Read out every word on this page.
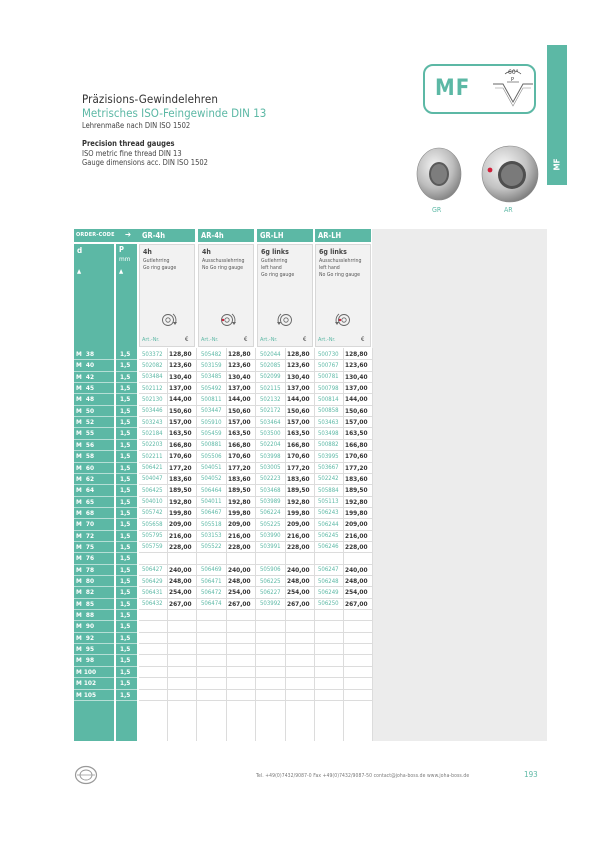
MF
Präzisions-Gewindelehren
Metrisches ISO-Feingewinde DIN 13
Lehrenmaße nach DIN ISO 1502
Precision thread gauges
ISO metric fine thread DIN 13
Gauge dimensions acc. DIN ISO 1502
MF
60°
P
GR	AR
ORDER-CODE ➔
d	P
mm
▲	▲
GR-4h
4h
Gutlehrring
Go ring gauge
Art.-Nr.	€
AR-4h
4h
Ausschusslehrring
No Go ring gauge
Art.-Nr.	€
GR-LH
6g links
Gutlehrring
left hand
Go ring gauge
Art.-Nr.	€
AR-LH
6g links
Ausschusslehrring
left hand
No Go ring gauge
Art.-Nr.	€
M  38	1,5 503372 128,80 505482 128,80 502044 128,80 500730 128,80
M  40	1,5 502082 123,60 503159 123,60 502085 123,60 500767 123,60
M  42	1,5 503484 130,40 503485 130,40 502099 130,40 500781 130,40
M  45	1,5 502112 137,00 505492 137,00 502115 137,00 500798 137,00
M  48	1,5 502130 144,00 500811 144,00 502132 144,00 500814 144,00
M  50	1,5 503446 150,60 503447 150,60 502172 150,60 500858 150,60
M  52	1,5 503243 157,00 505910 157,00 503464 157,00 503463 157,00
M  55	1,5 502184 163,50 505459 163,50 503500 163,50 503498 163,50
M  56	1,5 502203 166,80 500881 166,80 502204 166,80 500882 166,80
M  58	1,5 502211 170,60 505506 170,60 503998 170,60 503995 170,60
M  60	1,5 506421 177,20 504051 177,20 503005 177,20 503667 177,20
M  62	1,5 504047 183,60 504052 183,60 502223 183,60 502242 183,60
M  64	1,5 506425 189,50 506464 189,50 503468 189,50 505884 189,50
M  65	1,5 504010 192,80 504011 192,80 503989 192,80 505113 192,80
M  68	1,5 505742 199,80 506467 199,80 506224 199,80 506243 199,80
M  70	1,5 505658 209,00 505518 209,00 505225 209,00 506244 209,00
M  72	1,5 505795 216,00 503153 216,00 503990 216,00 506245 216,00
M  75	1,5 505759 228,00 505522 228,00 503991 228,00 506246 228,00
M  76	1,5
M  78	1,5 506427 240,00 506469 240,00 505906 240,00 506247 240,00
M  80	1,5 506429 248,00 506471 248,00 506225 248,00 506248 248,00
M  82	1,5 506431 254,00 506472 254,00 506227 254,00 506249 254,00
M  85	1,5 506432 267,00 506474 267,00 503992 267,00 506250 267,00
M  88	1,5
M  90	1,5
M  92	1,5
M  95	1,5
M  98	1,5
M 100	1,5
M 102	1,5
M 105	1,5
Tel. +49(0)7432/9087-0 Fax +49(0)7432/9087-50 contact@joha-boss.de www.joha-boss.de	193
